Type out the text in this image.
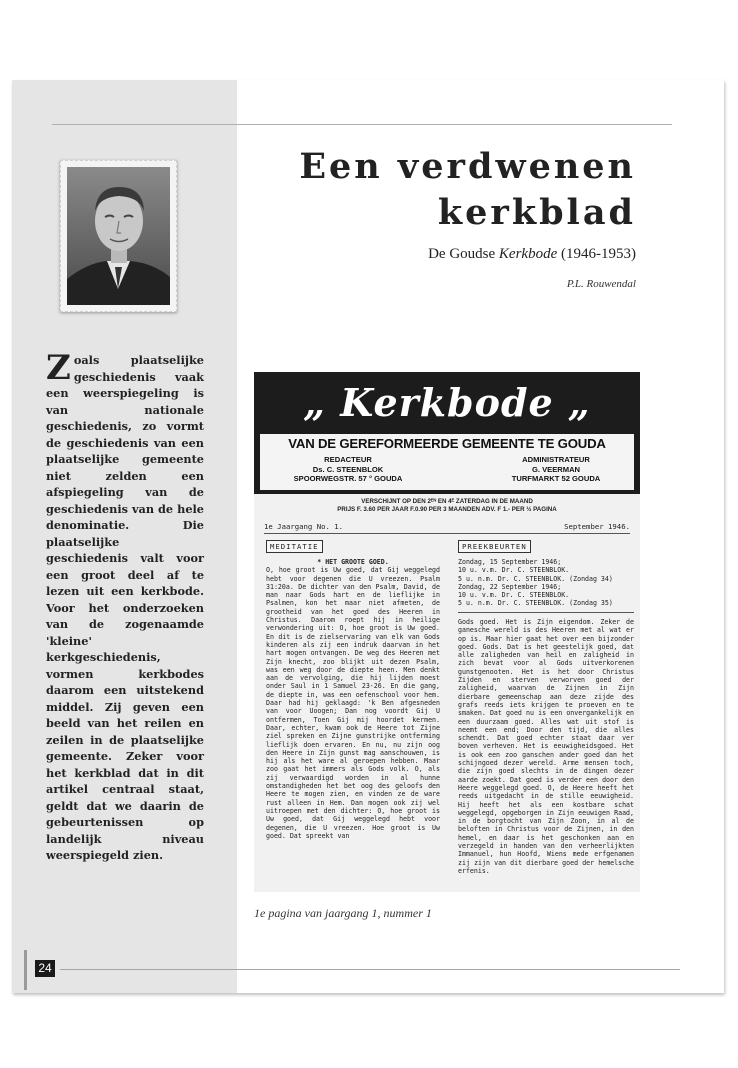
Zoals plaatselijke geschiedenis vaak een weerspiegeling is van nationale geschiedenis, zo vormt de geschiedenis van een plaatselijke gemeente niet zelden een afspiegeling van de geschiedenis van de hele denominatie. Die plaatselijke geschiedenis valt voor een groot deel af te lezen uit een kerkbode. Voor het onderzoeken van de zogenaamde 'kleine' kerkgeschiedenis, vormen kerkbodes daarom een uitstekend middel. Zij geven een beeld van het reilen en zeilen in de plaatselijke gemeente. Zeker voor het kerkblad dat in dit artikel centraal staat, geldt dat we daarin de gebeurtenissen op landelijk niveau weerspiegeld zien.
Een verdwenen
kerkblad
De Goudse Kerkbode (1946-1953)
P.L. Rouwendal
„ Kerkbode „
VAN DE GEREFORMEERDE GEMEENTE TE GOUDA
REDACTEUR
Ds. C. STEENBLOK
SPOORWEGSTR. 57 ° GOUDA
ADMINISTRATEUR
G. VEERMAN
TURFMARKT 52 GOUDA
VERSCHIJNT OP DEN 2ᴱᴺ EN 4ᴱ ZATERDAG IN DE MAAND
PRIJS F. 3.60 PER JAAR F.0.90 PER 3 MAANDEN ADV. F 1.- PER ½ PAGINA
1e Jaargang No. 1.	September 1946.
MEDITATIE

* HET GROOTE GOED.

O, hoe groot is Uw goed, dat Gij weggelegd hebt voor degenen die U vreezen. Psalm 31:20a. De dichter van den Psalm, David, de man naar Gods hart en de lieflijke in Psalmen, kon het maar niet afmeten, de grootheid van het goed des Heeren in Christus. Daarom roept hij in heilige verwondering uit: O, hoe groot is Uw goed. En dit is de zielservaring van elk van Gods kinderen als zij een indruk daarvan in het hart mogen ontvangen. De weg des Heeren met Zijn knecht, zoo blijkt uit dezen Psalm, was een weg door de diepte heen. Men denkt aan de vervolging, die hij lijden moest onder Saul in 1 Samuel 23-26. En die gang, de diepte in, was een oefenschool voor hem. Daar had hij geklaagd: 'k Ben afgesneden van voor Uoogen; Dan nog voordt Gij U ontfermen, Toen Gij mij hoordet kermen. Daar, echter, kwam ook de Heere tot Zijne ziel spreken en Zijne gunstrijke ontferming lieflijk doen ervaren. En nu, nu zijn oog den Heere in Zijn gunst mag aanschouwen, is hij als het ware al geroepen hebben. Maar zoo gaat het immers als Gods volk. O, als zij verwaardigd worden in al hunne omstandigheden het bet oog des geloofs den Heere te mogen zien, en vinden ze de ware rust alleen in Hem. Dan mogen ook zij wel uitroepen met den dichter: O, hoe groot is Uw goed, dat Gij weggelegd hebt voor degenen, die U vreezen. Hoe groot is Uw goed. Dat spreekt van

PREEKBEURTEN
Zondag, 15 September 1946;
10 u. v.m. Dr. C. STEENBLOK.
5 u. n.m. Dr. C. STEENBLOK. (Zondag 34)
Zondag, 22 September 1946;
10 u. v.m. Dr. C. STEENBLOK.
5 u. n.m. Dr. C. STEENBLOK. (Zondag 35)

Gods goed. Het is Zijn eigendom. Zeker de ganesche wereld is des Heeren met al wat er op is. Maar hier gaat het over een bijzonder goed. Gods. Dat is het geestelijk goed, dat alle zaligheden van heil en zaligheid in zich bevat voor al Gods uitverkorenen gunstgenooten. Het is het door Christus Zijden en sterven verworven goed der zaligheid, waarvan de Zijnen in Zijn dierbare gemeenschap aan deze zijde des grafs reeds iets krijgen te proeven en te smaken. Dat goed nu is een onvergankelijk en een duurzaam goed. Alles wat uit stof is neemt een end; Door den tijd, die alles schendt. Dat goed echter staat daar ver boven verheven. Het is eeuwigheidsgoed. Het is ook een zoo ganschen ander goed dan het schijngoed dezer wereld. Arme mensen toch, die zijn goed slechts in de dingen dezer aarde zoekt. Dat goed is verder een door den Heere weggelegd goed. O, de Heere heeft het reeds uitgedacht in de stille eeuwigheid. Hij heeft het als een kostbare schat weggelegd, opgeborgen in Zijn eeuwigen Raad, in de borgtocht van Zijn Zoon, in al de beloften in Christus voor de Zijnen, in den hemel, en daar is het geschonken aan en verzegeld in handen van den verheerlijkten Immanuel, hun Hoofd, Wiens mede erfgenamen zij zijn van dit dierbare goed der hemelsche erfenis.

1e pagina van jaargang 1, nummer 1
24
